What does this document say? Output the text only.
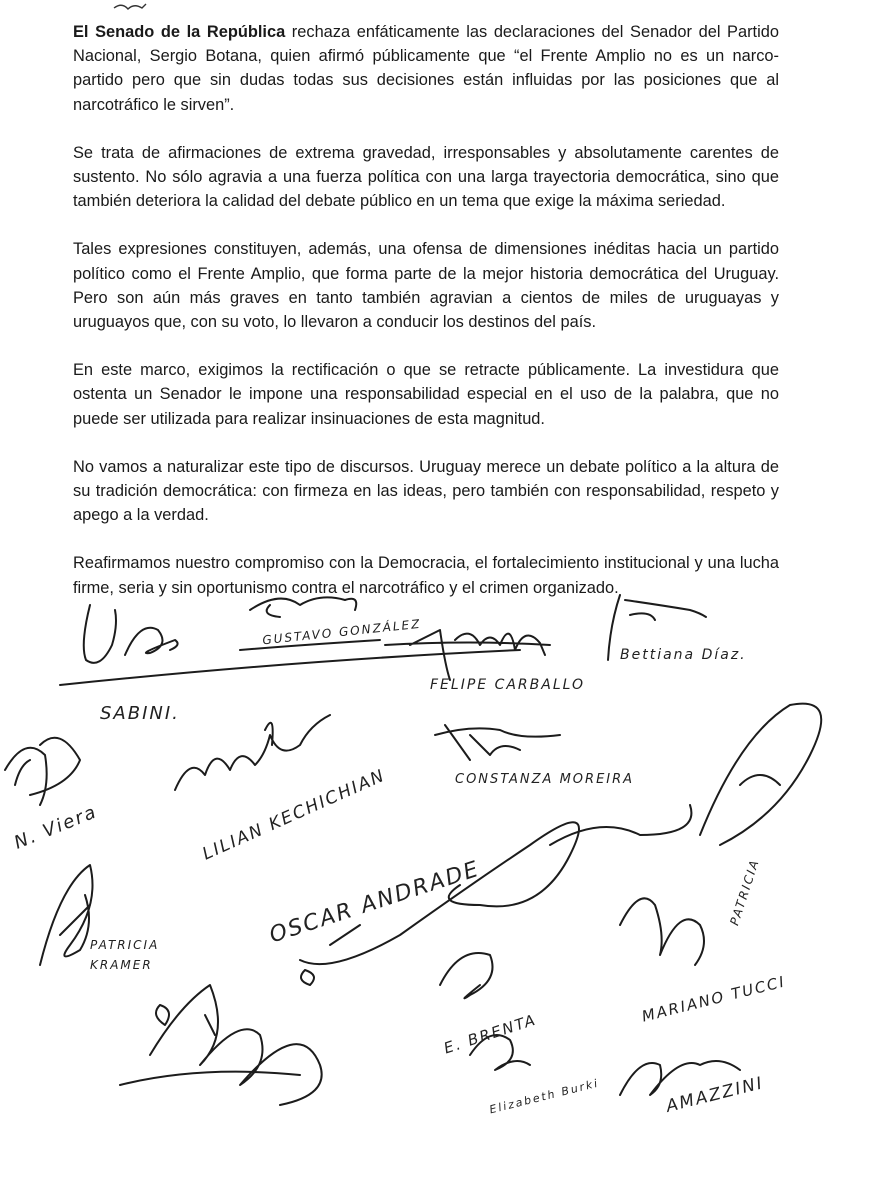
El Senado de la República rechaza enfáticamente las declaraciones del Senador del Partido Nacional, Sergio Botana, quien afirmó públicamente que “el Frente Amplio no es un narco-partido pero que sin dudas todas sus decisiones están influidas por las posiciones que al narcotráfico le sirven”.

Se trata de afirmaciones de extrema gravedad, irresponsables y absolutamente carentes de sustento. No sólo agravia a una fuerza política con una larga trayectoria democrática, sino que también deteriora la calidad del debate público en un tema que exige la máxima seriedad.

Tales expresiones constituyen, además, una ofensa de dimensiones inéditas hacia un partido político como el Frente Amplio, que forma parte de la mejor historia democrática del Uruguay. Pero son aún más graves en tanto también agravian a cientos de miles de uruguayas y uruguayos que, con su voto, lo llevaron a conducir los destinos del país.

En este marco, exigimos la rectificación o que se retracte públicamente. La investidura que ostenta un Senador le impone una responsabilidad especial en el uso de la palabra, que no puede ser utilizada para realizar insinuaciones de esta magnitud.

No vamos a naturalizar este tipo de discursos. Uruguay merece un debate político a la altura de su tradición democrática: con firmeza en las ideas, pero también con responsabilidad, respeto y apego a la verdad.

Reafirmamos nuestro compromiso con la Democracia, el fortalecimiento institucional y una lucha firme, seria y sin oportunismo contra el narcotráfico y el crimen organizado.

SABINI.
GUSTAVO GONZÁLEZ
FELIPE CARBALLO
Bettiana Díaz.
N. Viera	LILIAN KECHICHIAN	CONSTANZA MOREIRA
OSCAR ANDRADE
PATRICIA KRAMER
MARIANO TUCCI
E. BRENTA
AMAZZINI
Elizabeth Burki
PATRICIA
